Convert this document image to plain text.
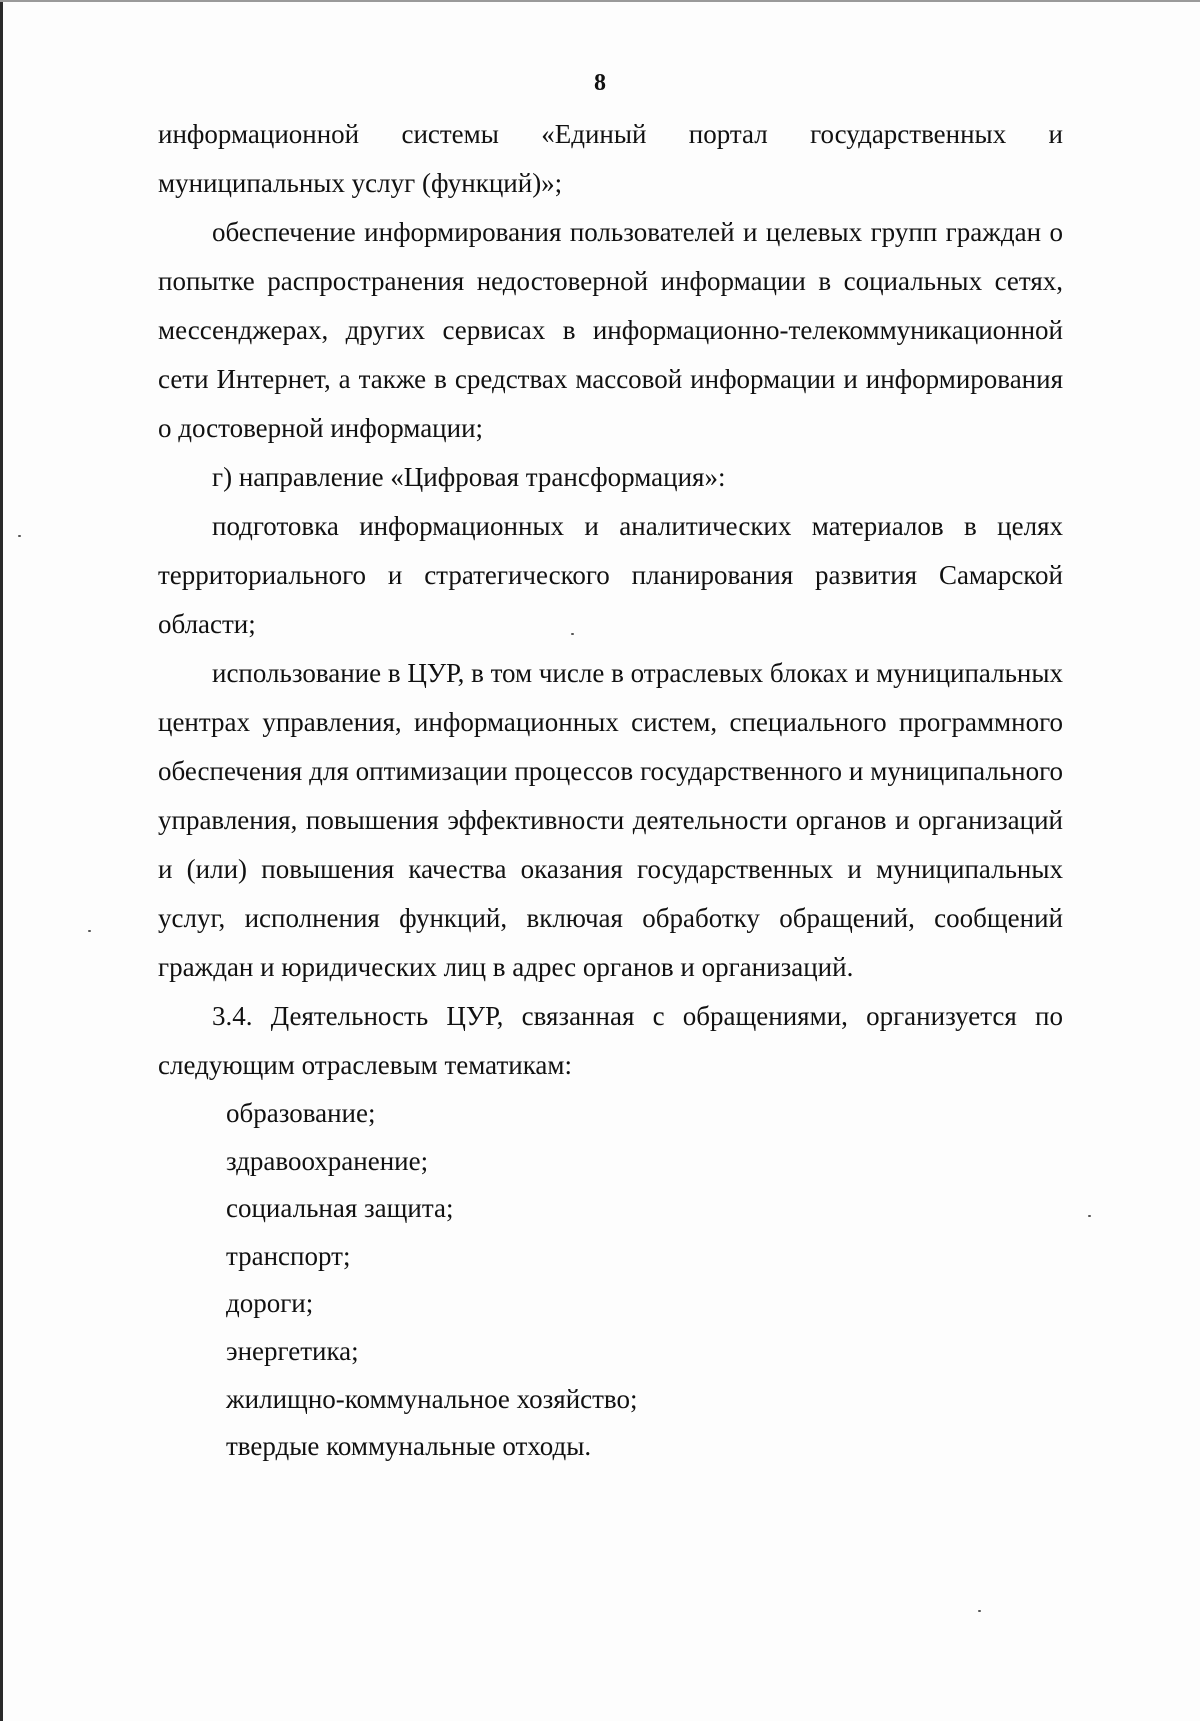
8

информационной системы «Единый портал государственных и

муниципальных услуг (функций)»;

обеспечение информирования пользователей и целевых групп граждан о попытке распространения недостоверной информации в социальных сетях, мессенджерах, других сервисах в информационно-телекоммуникационной сети Интернет, а также в средствах массовой информации и информирования о достоверной информации;

г) направление «Цифровая трансформация»:

подготовка информационных и аналитических материалов в целях территориального и стратегического планирования развития Самарской области;

использование в ЦУР, в том числе в отраслевых блоках и муниципальных центрах управления, информационных систем, специального программного обеспечения для оптимизации процессов государственного и муниципального управления, повышения эффективности деятельности органов и организаций и (или) повышения качества оказания государственных и муниципальных услуг, исполнения функций, включая обработку обращений, сообщений граждан и юридических лиц в адрес органов и организаций.

3.4. Деятельность ЦУР, связанная с обращениями, организуется по следующим отраслевым тематикам:

образование;
здравоохранение;
социальная защита;
транспорт;
дороги;
энергетика;
жилищно-коммунальное хозяйство;
твердые коммунальные отходы.
